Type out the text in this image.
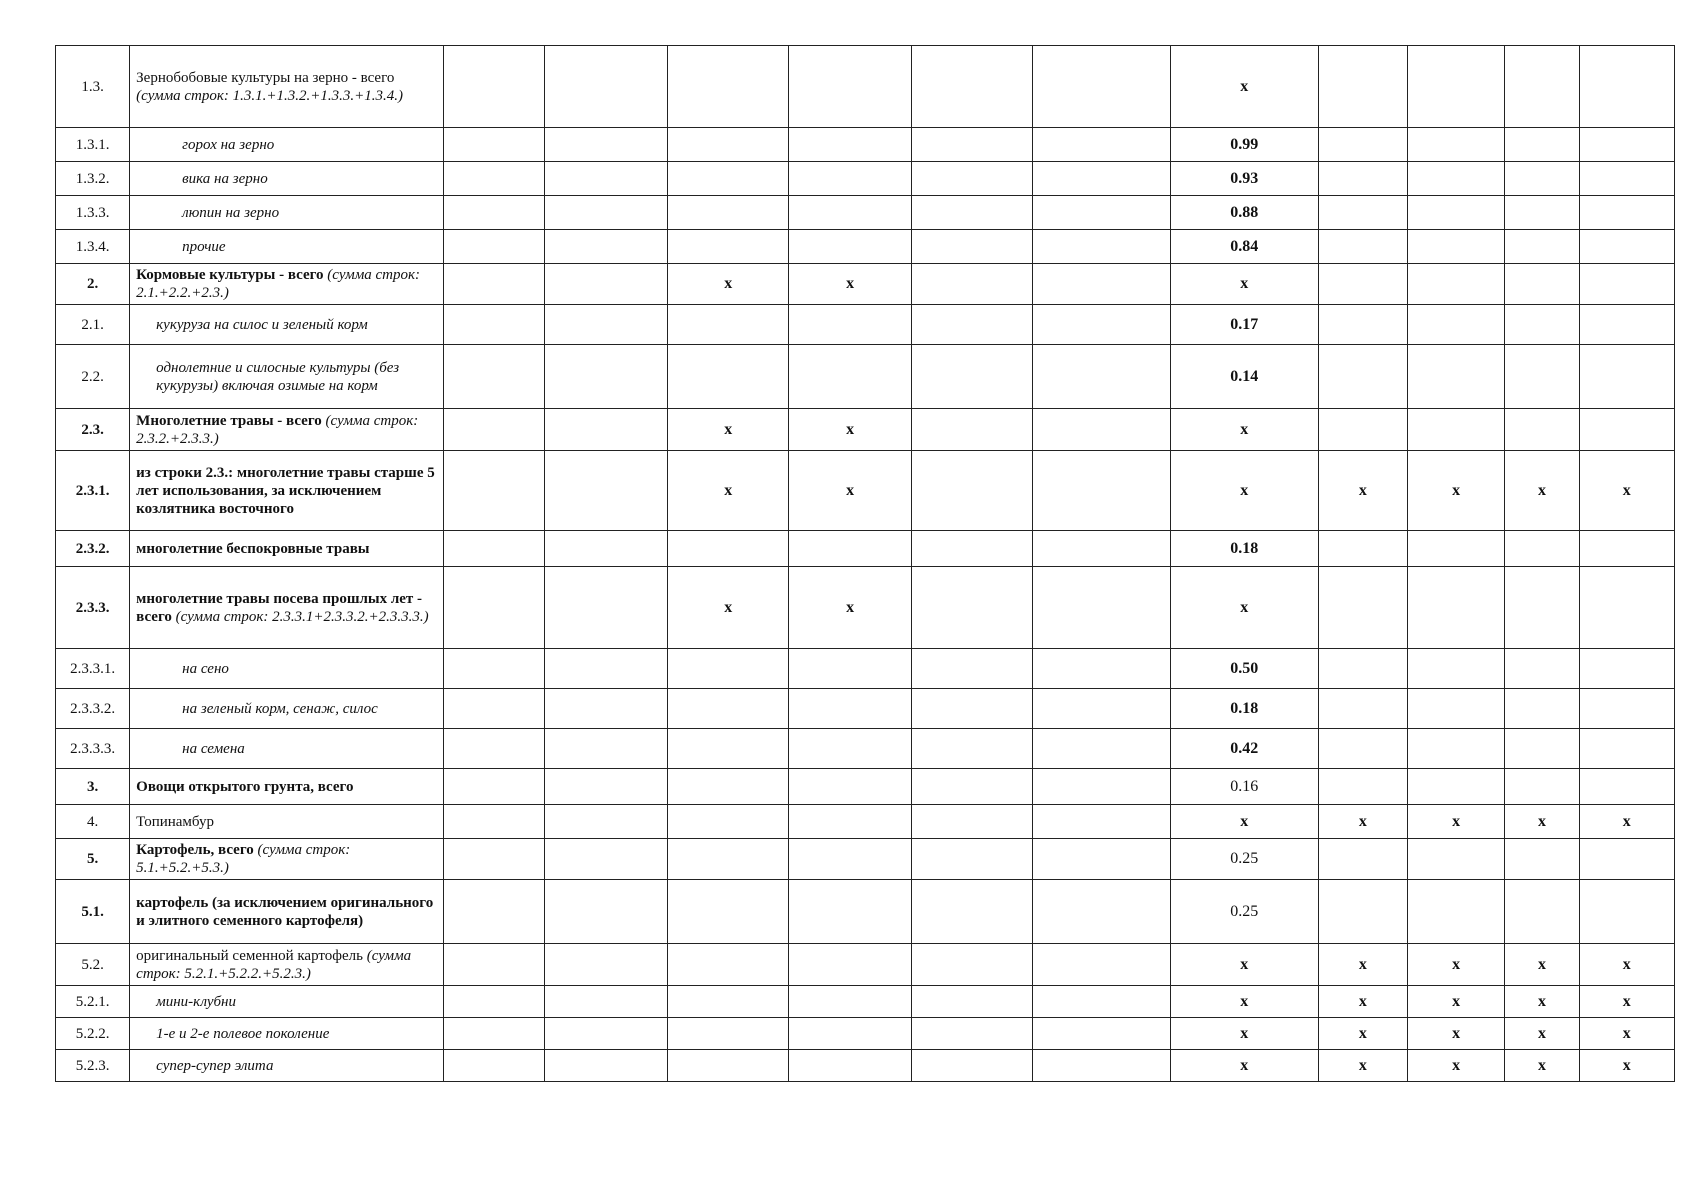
1.3.	Зернобобовые культуры на зерно - всего (сумма строк: 1.3.1.+1.3.2.+1.3.3.+1.3.4.)							x				
1.3.1.	горох на зерно							0.99				
1.3.2.	вика на зерно							0.93				
1.3.3.	люпин на зерно							0.88				
1.3.4.	прочие							0.84				
2.	Кормовые культуры - всего (сумма строк: 2.1.+2.2.+2.3.)			x	x			x				
2.1.	кукуруза на силос и зеленый корм							0.17				
2.2.	однолетние и силосные культуры (без кукурузы) включая озимые на корм							0.14				
2.3.	Многолетние травы - всего (сумма строк: 2.3.2.+2.3.3.)			x	x			x				
2.3.1.	из строки 2.3.: многолетние травы старше 5 лет использования, за исключением козлятника восточного			x	x			x	x	x	x	x
2.3.2.	многолетние беспокровные травы							0.18				
2.3.3.	многолетние травы посева прошлых лет - всего (сумма строк: 2.3.3.1+2.3.3.2.+2.3.3.3.)			x	x			x				
2.3.3.1.	на сено							0.50				
2.3.3.2.	на зеленый корм, сенаж, силос							0.18				
2.3.3.3.	на семена							0.42				
3.	Овощи открытого грунта, всего							0.16				
4.	Топинамбур							x	x	x	x	x
5.	Картофель, всего (сумма строк: 5.1.+5.2.+5.3.)							0.25				
5.1.	картофель (за исключением оригинального и элитного семенного картофеля)							0.25				
5.2.	оригинальный семенной картофель (сумма строк: 5.2.1.+5.2.2.+5.2.3.)							x	x	x	x	x
5.2.1.	мини-клубни							x	x	x	x	x
5.2.2.	1-е и 2-е полевое поколение							x	x	x	x	x
5.2.3.	супер-супер элита							x	x	x	x	x
